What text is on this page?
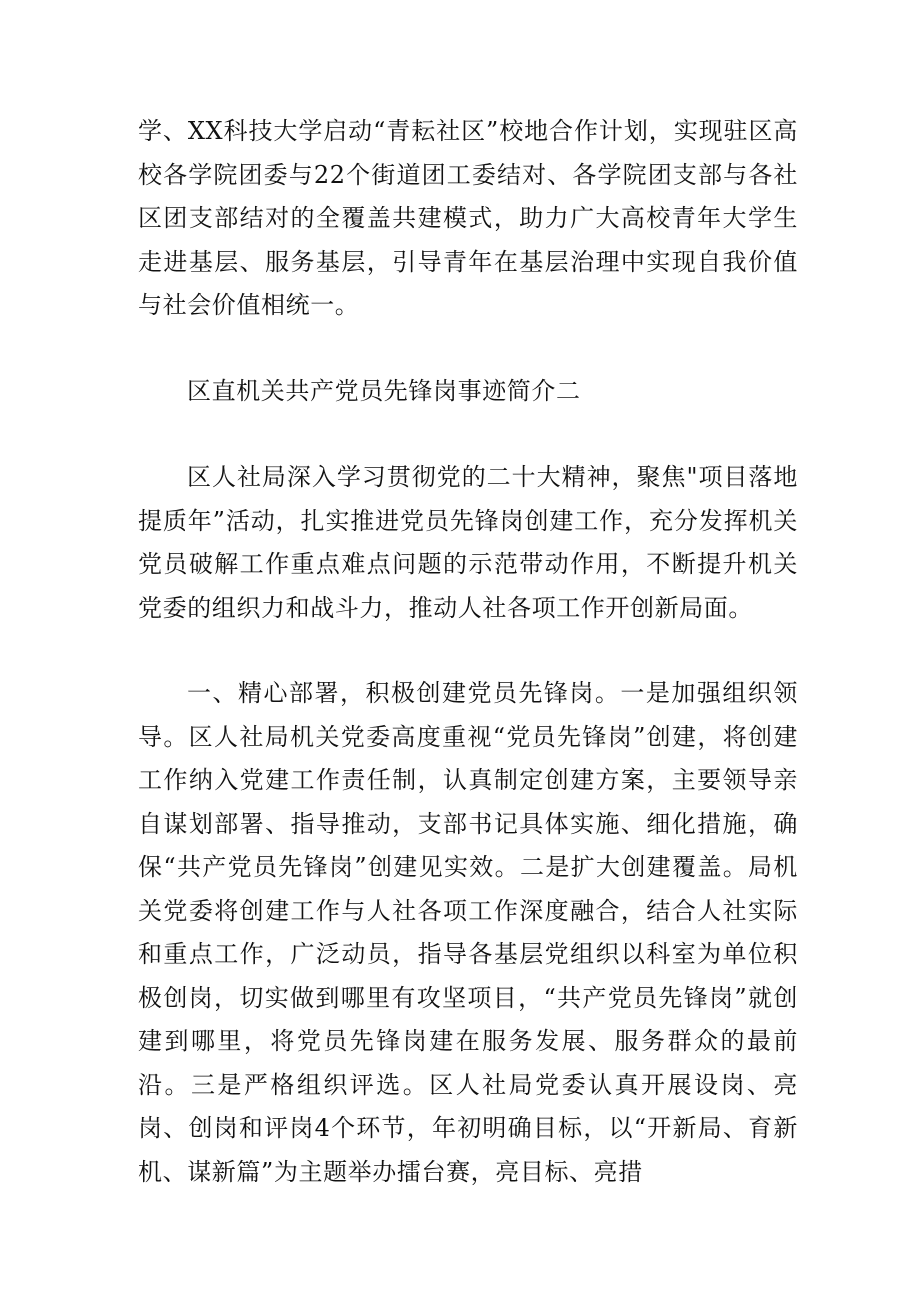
学、XX科技大学启动“青耘社区”校地合作计划，实现驻区高校各学院团委与22个街道团工委结对、各学院团支部与各社区团支部结对的全覆盖共建模式，助力广大高校青年大学生走进基层、服务基层，引导青年在基层治理中实现自我价值与社会价值相统一。

区直机关共产党员先锋岗事迹简介二

区人社局深入学习贯彻党的二十大精神，聚焦"项目落地提质年”活动，扎实推进党员先锋岗创建工作，充分发挥机关党员破解工作重点难点问题的示范带动作用，不断提升机关党委的组织力和战斗力，推动人社各项工作开创新局面。

一、精心部署，积极创建党员先锋岗。一是加强组织领导。区人社局机关党委高度重视“党员先锋岗”创建，将创建工作纳入党建工作责任制，认真制定创建方案，主要领导亲自谋划部署、指导推动，支部书记具体实施、细化措施，确保“共产党员先锋岗”创建见实效。二是扩大创建覆盖。局机关党委将创建工作与人社各项工作深度融合，结合人社实际和重点工作，广泛动员，指导各基层党组织以科室为单位积极创岗，切实做到哪里有攻坚项目，“共产党员先锋岗”就创建到哪里，将党员先锋岗建在服务发展、服务群众的最前沿。三是严格组织评选。区人社局党委认真开展设岗、亮岗、创岗和评岗4个环节，年初明确目标，以“开新局、育新机、谋新篇”为主题举办擂台赛，亮目标、亮措
